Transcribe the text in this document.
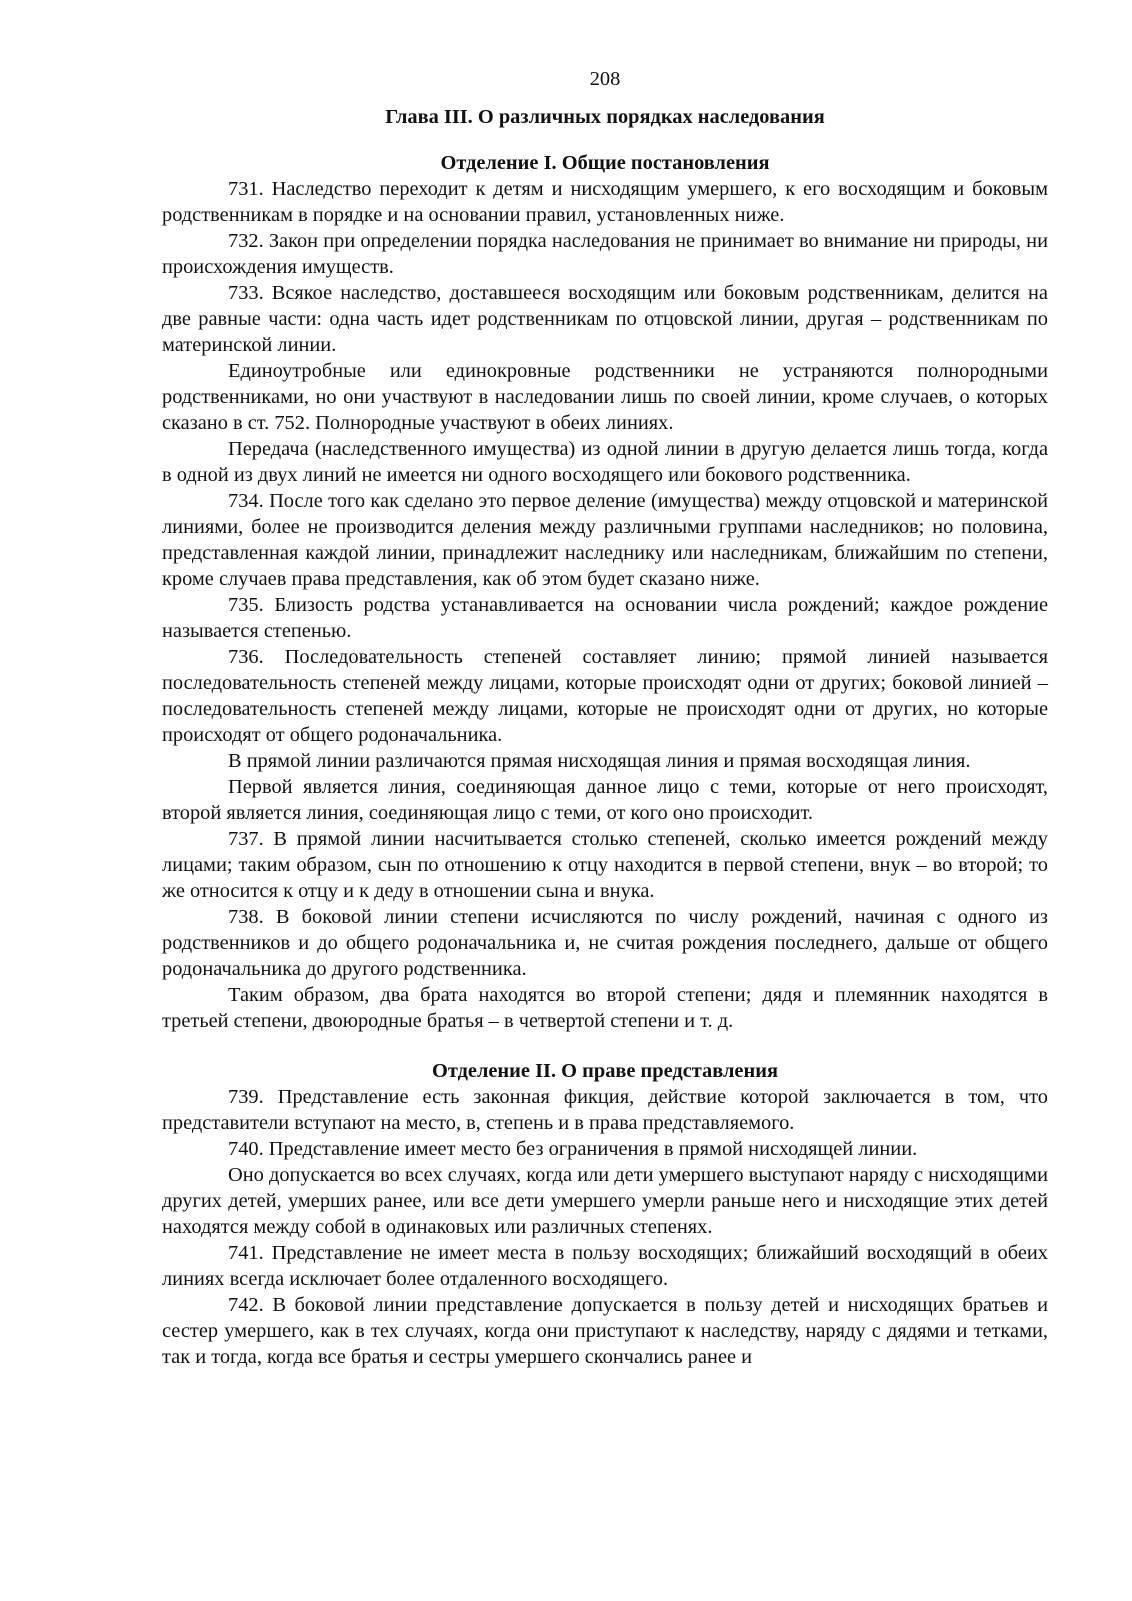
208
Глава III. О различных порядках наследования
Отделение I. Общие постановления

731. Наследство переходит к детям и нисходящим умершего, к его восходящим и боковым родственникам в порядке и на основании правил, установленных ниже.

732. Закон при определении порядка наследования не принимает во внимание ни природы, ни происхождения имуществ.

733. Всякое наследство, доставшееся восходящим или боковым родственникам, делится на две равные части: одна часть идет родственникам по отцовской линии, другая – родственникам по материнской линии.

Единоутробные или единокровные родственники не устраняются полнородными родственниками, но они участвуют в наследовании лишь по своей линии, кроме случаев, о которых сказано в ст. 752. Полнородные участвуют в обеих линиях.

Передача (наследственного имущества) из одной линии в другую делается лишь тогда, когда в одной из двух линий не имеется ни одного восходящего или бокового родственника.

734. После того как сделано это первое деление (имущества) между отцовской и материнской линиями, более не производится деления между различными группами наследников; но половина, представленная каждой линии, принадлежит наследнику или наследникам, ближайшим по степени, кроме случаев права представления, как об этом будет сказано ниже.

735. Близость родства устанавливается на основании числа рождений; каждое рождение называется степенью.

736. Последовательность степеней составляет линию; прямой линией называется последовательность степеней между лицами, которые происходят одни от других; боковой линией – последовательность степеней между лицами, которые не происходят одни от других, но которые происходят от общего родоначальника.

В прямой линии различаются прямая нисходящая линия и прямая восходящая линия.

Первой является линия, соединяющая данное лицо с теми, которые от него происходят, второй является линия, соединяющая лицо с теми, от кого оно происходит.

737. В прямой линии насчитывается столько степеней, сколько имеется рождений между лицами; таким образом, сын по отношению к отцу находится в первой степени, внук – во второй; то же относится к отцу и к деду в отношении сына и внука.

738. В боковой линии степени исчисляются по числу рождений, начиная с одного из родственников и до общего родоначальника и, не считая рождения последнего, дальше от общего родоначальника до другого родственника.

Таким образом, два брата находятся во второй степени; дядя и племянник находятся в третьей степени, двоюродные братья – в четвертой степени и т. д.

Отделение II. О праве представления

739. Представление есть законная фикция, действие которой заключается в том, что представители вступают на место, в, степень и в права представляемого.

740. Представление имеет место без ограничения в прямой нисходящей линии.

Оно допускается во всех случаях, когда или дети умершего выступают наряду с нисходящими других детей, умерших ранее, или все дети умершего умерли раньше него и нисходящие этих детей находятся между собой в одинаковых или различных степенях.

741. Представление не имеет места в пользу восходящих; ближайший восходящий в обеих линиях всегда исключает более отдаленного восходящего.

742. В боковой линии представление допускается в пользу детей и нисходящих братьев и сестер умершего, как в тех случаях, когда они приступают к наследству, наряду с дядями и тетками, так и тогда, когда все братья и сестры умершего скончались ранее и
